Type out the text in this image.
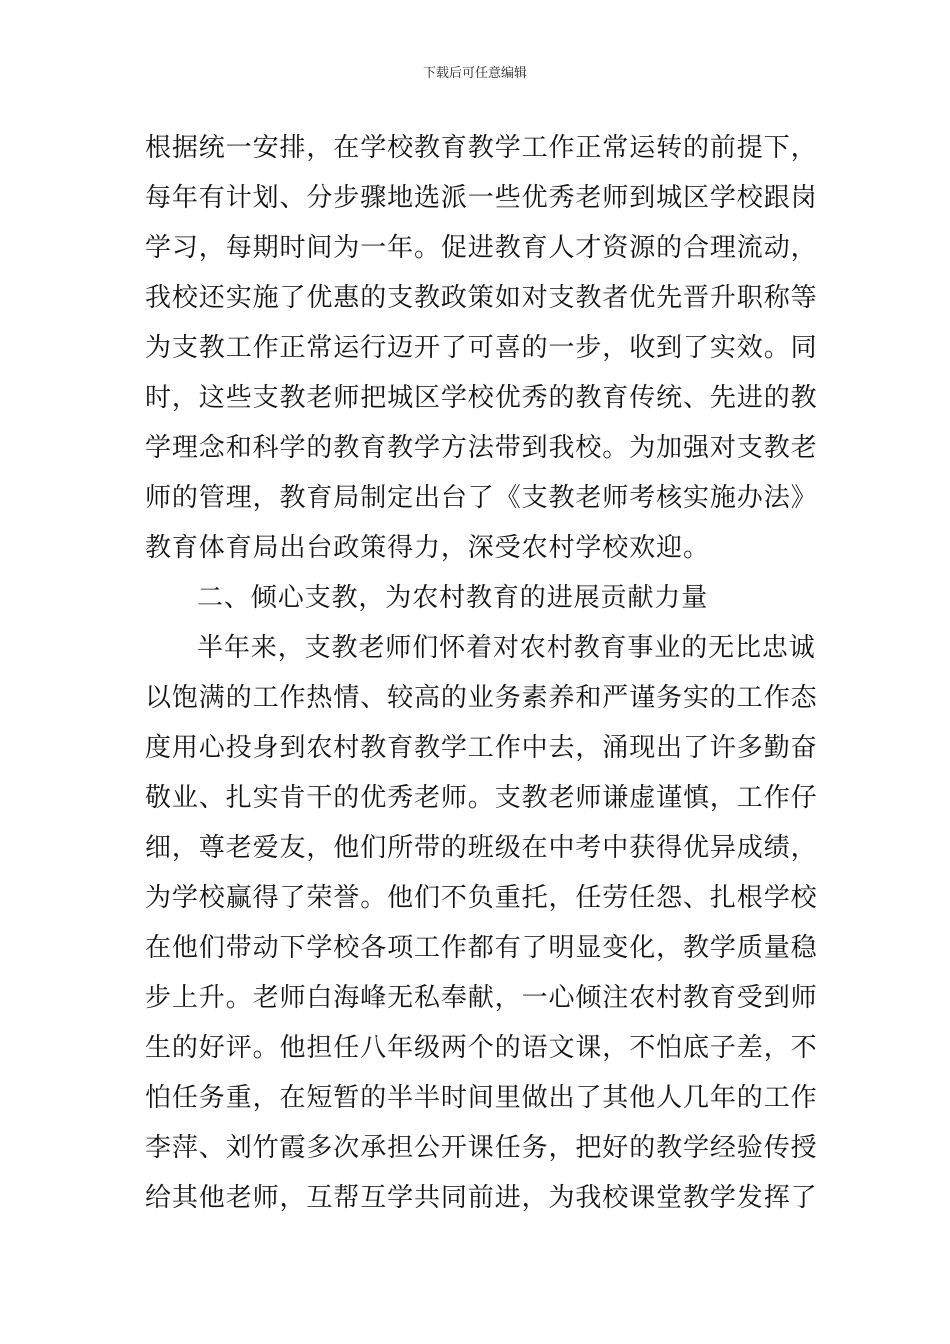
下载后可任意编辑
根据统一安排，在学校教育教学工作正常运转的前提下，
每年有计划、分步骤地选派一些优秀老师到城区学校跟岗
学习，每期时间为一年。促进教育人才资源的合理流动，
我校还实施了优惠的支教政策如对支教者优先晋升职称等
为支教工作正常运行迈开了可喜的一步，收到了实效。同
时，这些支教老师把城区学校优秀的教育传统、先进的教
学理念和科学的教育教学方法带到我校。为加强对支教老
师的管理，教育局制定出台了《支教老师考核实施办法》
教育体育局出台政策得力，深受农村学校欢迎。
二、倾心支教，为农村教育的进展贡献力量
半年来，支教老师们怀着对农村教育事业的无比忠诚
以饱满的工作热情、较高的业务素养和严谨务实的工作态
度用心投身到农村教育教学工作中去，涌现出了许多勤奋
敬业、扎实肯干的优秀老师。支教老师谦虚谨慎，工作仔
细，尊老爱友，他们所带的班级在中考中获得优异成绩，
为学校赢得了荣誉。他们不负重托，任劳任怨、扎根学校
在他们带动下学校各项工作都有了明显变化，教学质量稳
步上升。老师白海峰无私奉献，一心倾注农村教育受到师
生的好评。他担任八年级两个的语文课，不怕底子差，不
怕任务重，在短暂的半半时间里做出了其他人几年的工作
李萍、刘竹霞多次承担公开课任务，把好的教学经验传授
给其他老师，互帮互学共同前进，为我校课堂教学发挥了
